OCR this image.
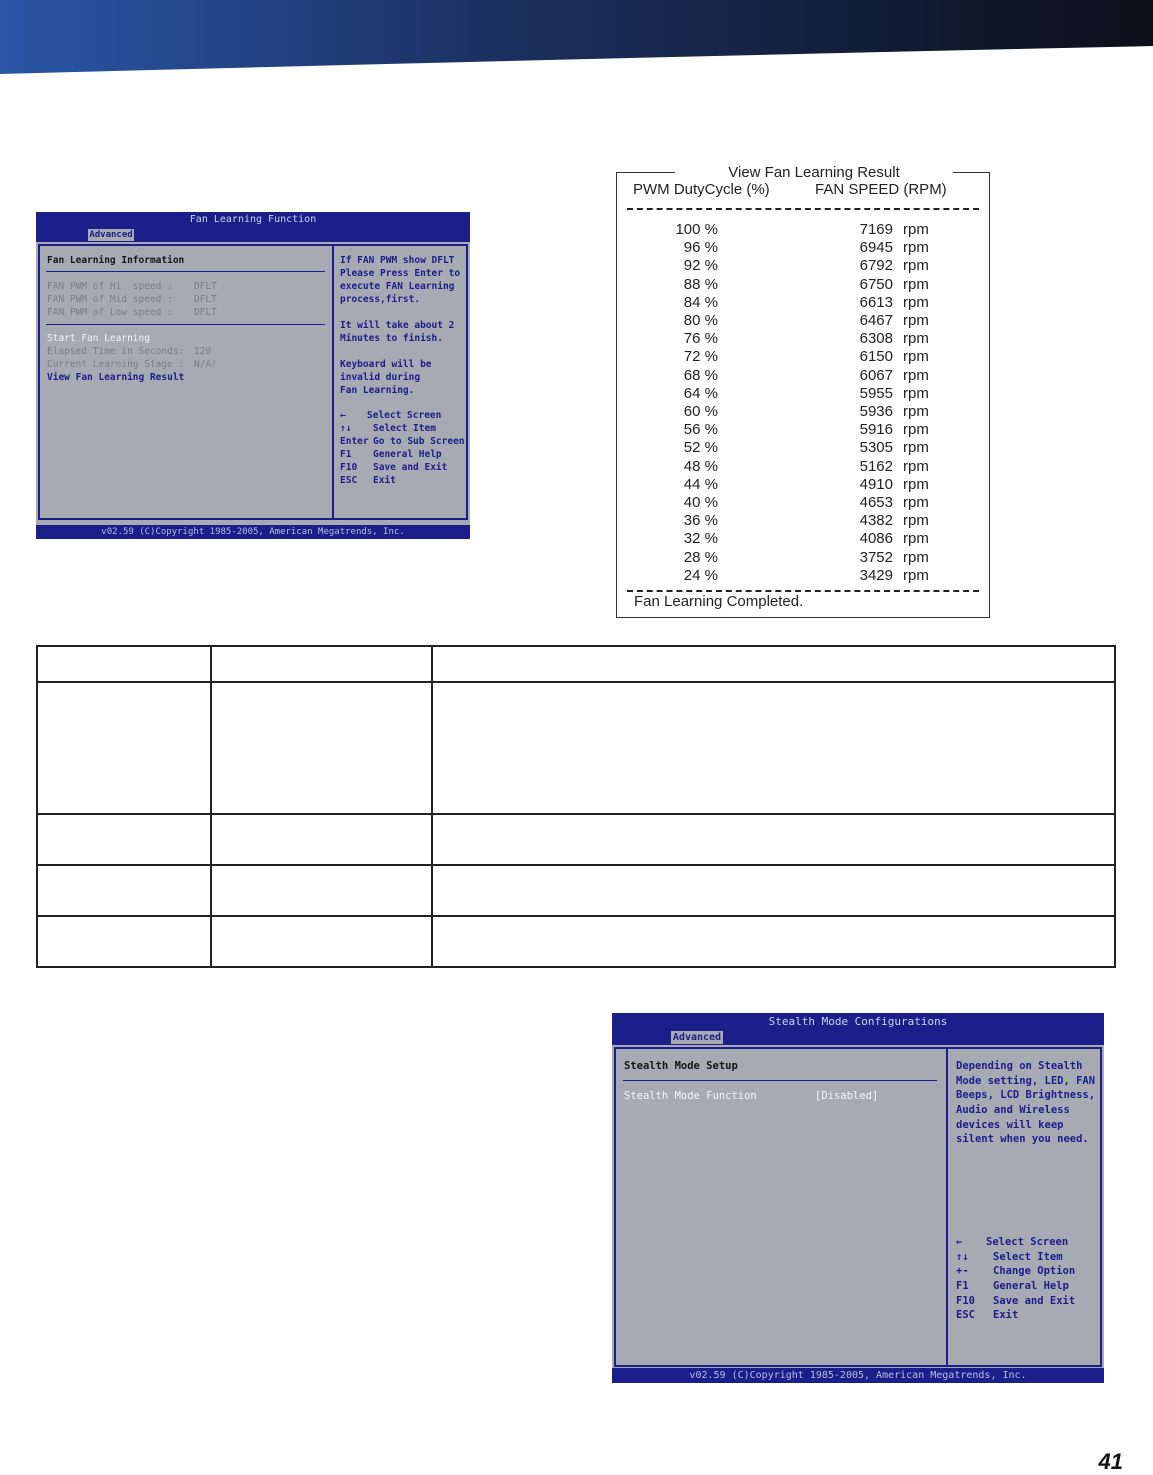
Fan Learning Function
Advanced
Fan Learning Information
FAN PWM of Hi  speed : DFLT
FAN PWM of Mid speed : DFLT
FAN PWM of Low speed : DFLT
Start Fan Learning
Elapsed Time in Seconds: 120
Current Learning Stage : N/A!
View Fan Learning Result
If FAN PWM show DFLT
Please Press Enter to
execute FAN Learning
process,first.
It will take about 2
Minutes to finish.
Keyboard will be
invalid during
Fan Learning.
← Select Screen
↑↓ Select Item
Enter Go to Sub Screen
F1 General Help
F10 Save and Exit
ESC Exit
v02.59 (C)Copyright 1985-2005, American Megatrends, Inc.
View Fan Learning Result
PWM DutyCycle (%)	FAN SPEED (RPM)
100 %	7169 rpm
96 %	6945 rpm
92 %	6792 rpm
88 %	6750 rpm
84 %	6613 rpm
80 %	6467 rpm
76 %	6308 rpm
72 %	6150 rpm
68 %	6067 rpm
64 %	5955 rpm
60 %	5936 rpm
56 %	5916 rpm
52 %	5305 rpm
48 %	5162 rpm
44 %	4910 rpm
40 %	4653 rpm
36 %	4382 rpm
32 %	4086 rpm
28 %	3752 rpm
24 %	3429 rpm
Fan Learning Completed.

Stealth Mode Configurations
Advanced
Stealth Mode Setup
Stealth Mode Function	[Disabled]
Depending on Stealth
Mode setting, LED, FAN
Beeps, LCD Brightness,
Audio and Wireless
devices will keep
silent when you need.
← Select Screen
↑↓ Select Item
+- Change Option
F1 General Help
F10 Save and Exit
ESC Exit
v02.59 (C)Copyright 1985-2005, American Megatrends, Inc.
41
